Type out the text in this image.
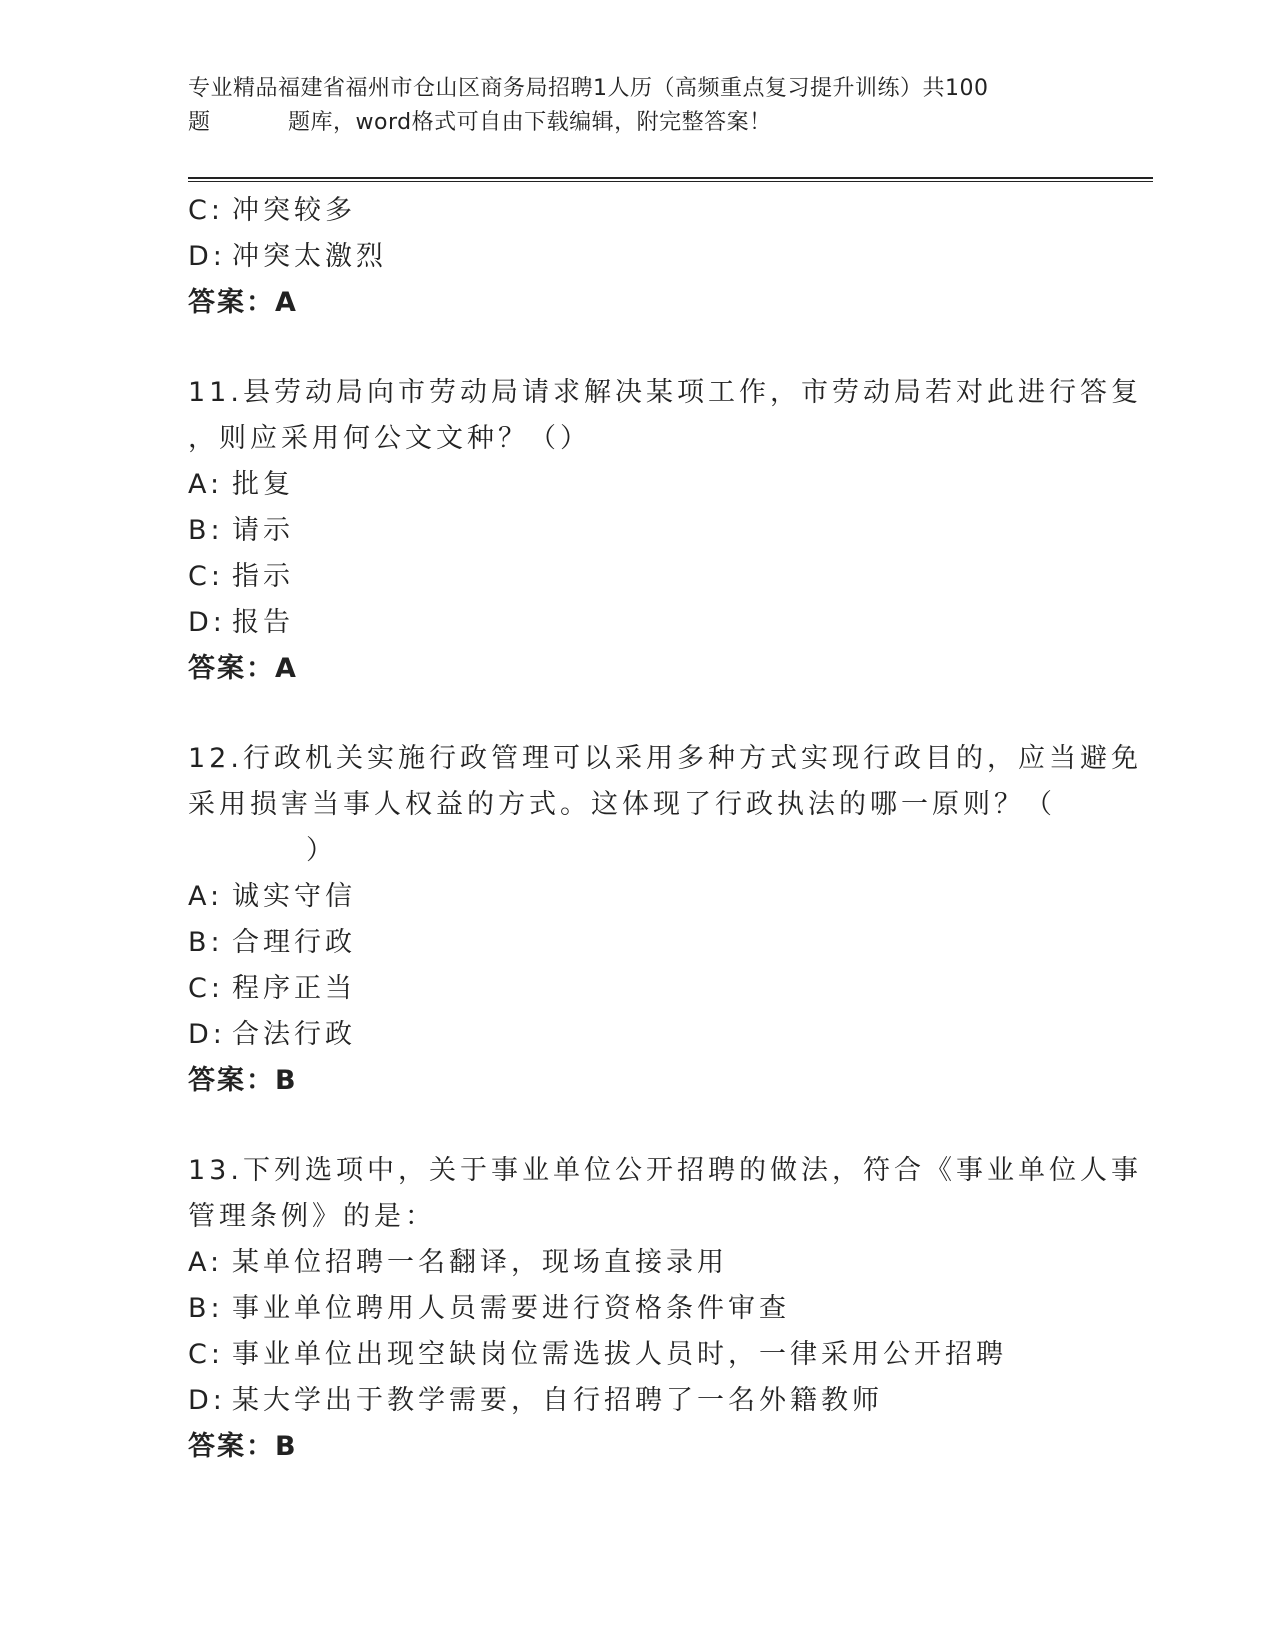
专业精品福建省福州市仓山区商务局招聘1人历（高频重点复习提升训练）共100
题	题库，word格式可自由下载编辑，附完整答案！
C: 冲突较多
D: 冲突太激烈
答案：A
11.县劳动局向市劳动局请求解决某项工作，市劳动局若对此进行答复
，则应采用何公文文种？（）
A: 批复
B: 请示
C: 指示
D: 报告
答案：A
12.行政机关实施行政管理可以采用多种方式实现行政目的，应当避免
采用损害当事人权益的方式。这体现了行政执法的哪一原则？（
）
A: 诚实守信
B: 合理行政
C: 程序正当
D: 合法行政
答案：B
13.下列选项中，关于事业单位公开招聘的做法，符合《事业单位人事
管理条例》的是：
A: 某单位招聘一名翻译，现场直接录用
B: 事业单位聘用人员需要进行资格条件审查
C: 事业单位出现空缺岗位需选拔人员时，一律采用公开招聘
D: 某大学出于教学需要，自行招聘了一名外籍教师
答案：B
